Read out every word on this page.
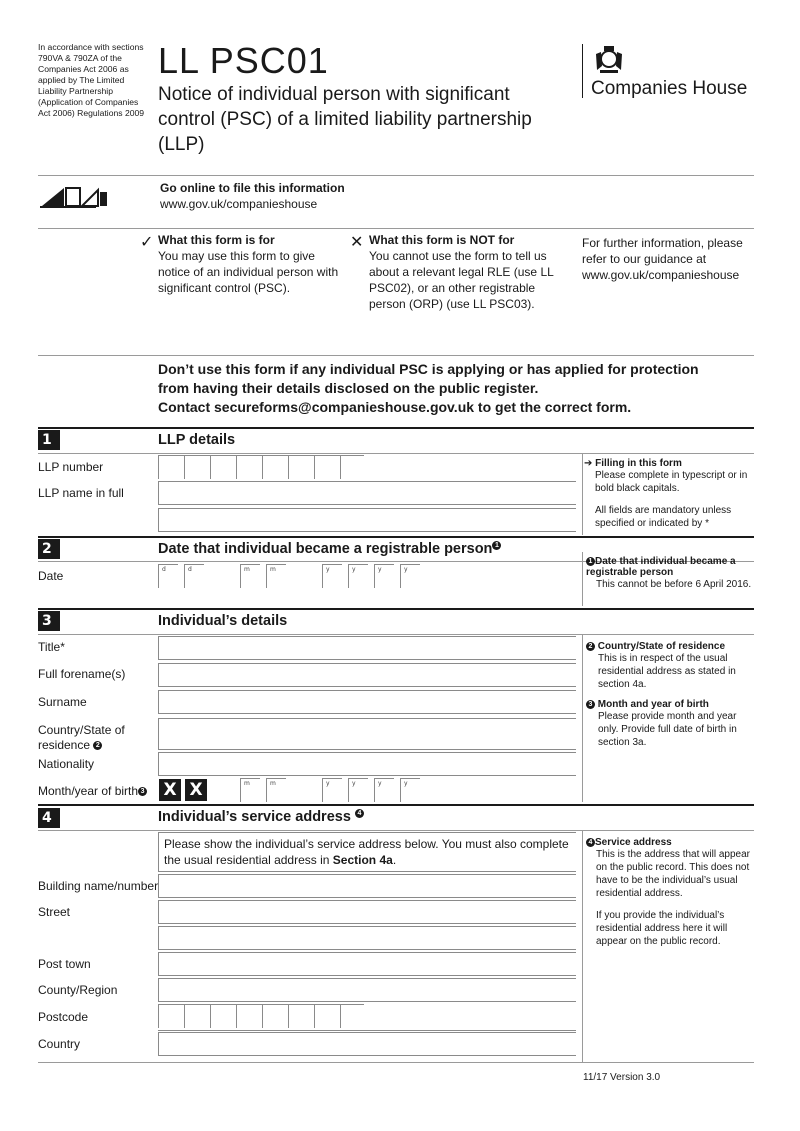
In accordance with sections 790VA & 790ZA of the Companies Act 2006 as applied by The Limited Liability Partnership (Application of Companies Act 2006) Regulations 2009
LL PSC01
Notice of individual person with significant control (PSC) of a limited liability partnership (LLP)
Companies House
Go online to file this information
www.gov.uk/companieshouse
✓ What this form is for
You may use this form to give notice of an individual person with significant control (PSC).
✕ What this form is NOT for
You cannot use the form to tell us about a relevant legal RLE (use LL PSC02), or an other registrable person (ORP) (use LL PSC03).
For further information, please refer to our guidance at www.gov.uk/companieshouse
Don’t use this form if any individual PSC is applying or has applied for protection
from having their details disclosed on the public register.
Contact secureforms@companieshouse.gov.uk to get the correct form.
1	LLP details
LLP number
LLP name in full
➔ Filling in this form
Please complete in typescript or in bold black capitals.
All fields are mandatory unless specified or indicated by *
2	Date that individual became a registrable person 1
Date	d	d	m	m	y	y	y	y
1 Date that individual became a registrable person
This cannot be before 6 April 2016.
3	Individual’s details
Title*
Full forename(s)
Surname
Country/State of residence 2
Nationality
Month/year of birth 3 X X	m	m	y	y	y	y
2 Country/State of residence
This is in respect of the usual residential address as stated in section 4a.
3 Month and year of birth
Please provide month and year only. Provide full date of birth in section 3a.
4	Individual’s service address 4
Please show the individual’s service address below. You must also complete the usual residential address in Section 4a.
Building name/number
Street
Post town
County/Region
Postcode
Country
4 Service address
This is the address that will appear on the public record. This does not have to be the individual’s usual residential address.
If you provide the individual’s residential address here it will appear on the public record.
11/17 Version 3.0
